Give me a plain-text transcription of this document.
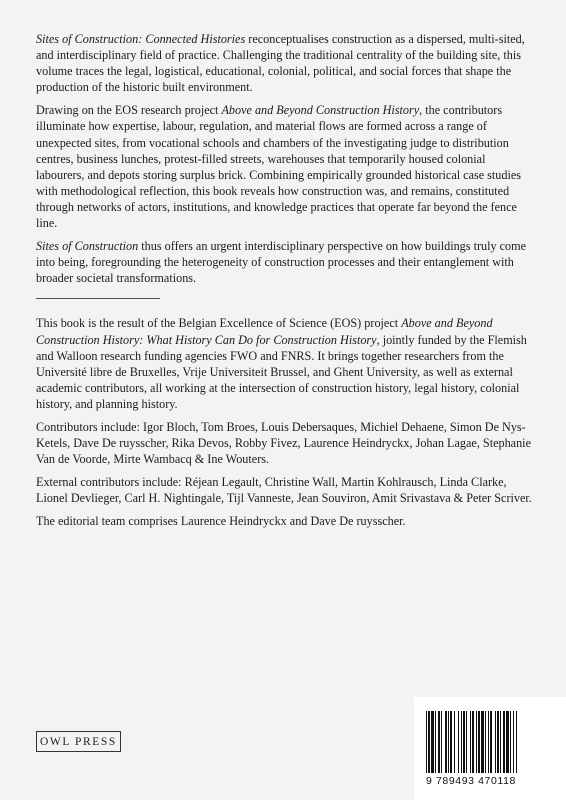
Sites of Construction: Connected Histories reconceptualises construction as a dispersed, multi-sited, and interdisciplinary field of practice. Challenging the traditional centrality of the building site, this volume traces the legal, logistical, educational, colonial, political, and social forces that shape the production of the historic built environment.

Drawing on the EOS research project Above and Beyond Construction History, the contributors illuminate how expertise, labour, regulation, and material flows are formed across a range of unexpected sites, from vocational schools and chambers of the investigating judge to distribution centres, business lunches, protest-filled streets, warehouses that temporarily housed colonial labourers, and depots storing surplus brick. Combining empirically grounded historical case studies with methodological reflection, this book reveals how construction was, and remains, constituted through networks of actors, institutions, and knowledge practices that operate far beyond the fence line.

Sites of Construction thus offers an urgent interdisciplinary perspective on how buildings truly come into being, foregrounding the heterogeneity of construction processes and their entanglement with broader societal transformations.

This book is the result of the Belgian Excellence of Science (EOS) project Above and Beyond Construction History: What History Can Do for Construction History, jointly funded by the Flemish and Walloon research funding agencies FWO and FNRS. It brings together researchers from the Université libre de Bruxelles, Vrije Universiteit Brussel, and Ghent University, as well as external academic contributors, all working at the intersection of construction history, legal history, colonial history, and planning history.

Contributors include: Igor Bloch, Tom Broes, Louis Debersaques, Michiel Dehaene, Simon De Nys-Ketels, Dave De ruysscher, Rika Devos, Robby Fivez, Laurence Heindryckx, Johan Lagae, Stephanie Van de Voorde, Mirte Wambacq & Ine Wouters.

External contributors include: Réjean Legault, Christine Wall, Martin Kohlrausch, Linda Clarke, Lionel Devlieger, Carl H. Nightingale, Tijl Vanneste, Jean Souviron, Amit Srivastava & Peter Scriver.

The editorial team comprises Laurence Heindryckx and Dave De ruysscher.

OWL PRESS
9 789493 470118
